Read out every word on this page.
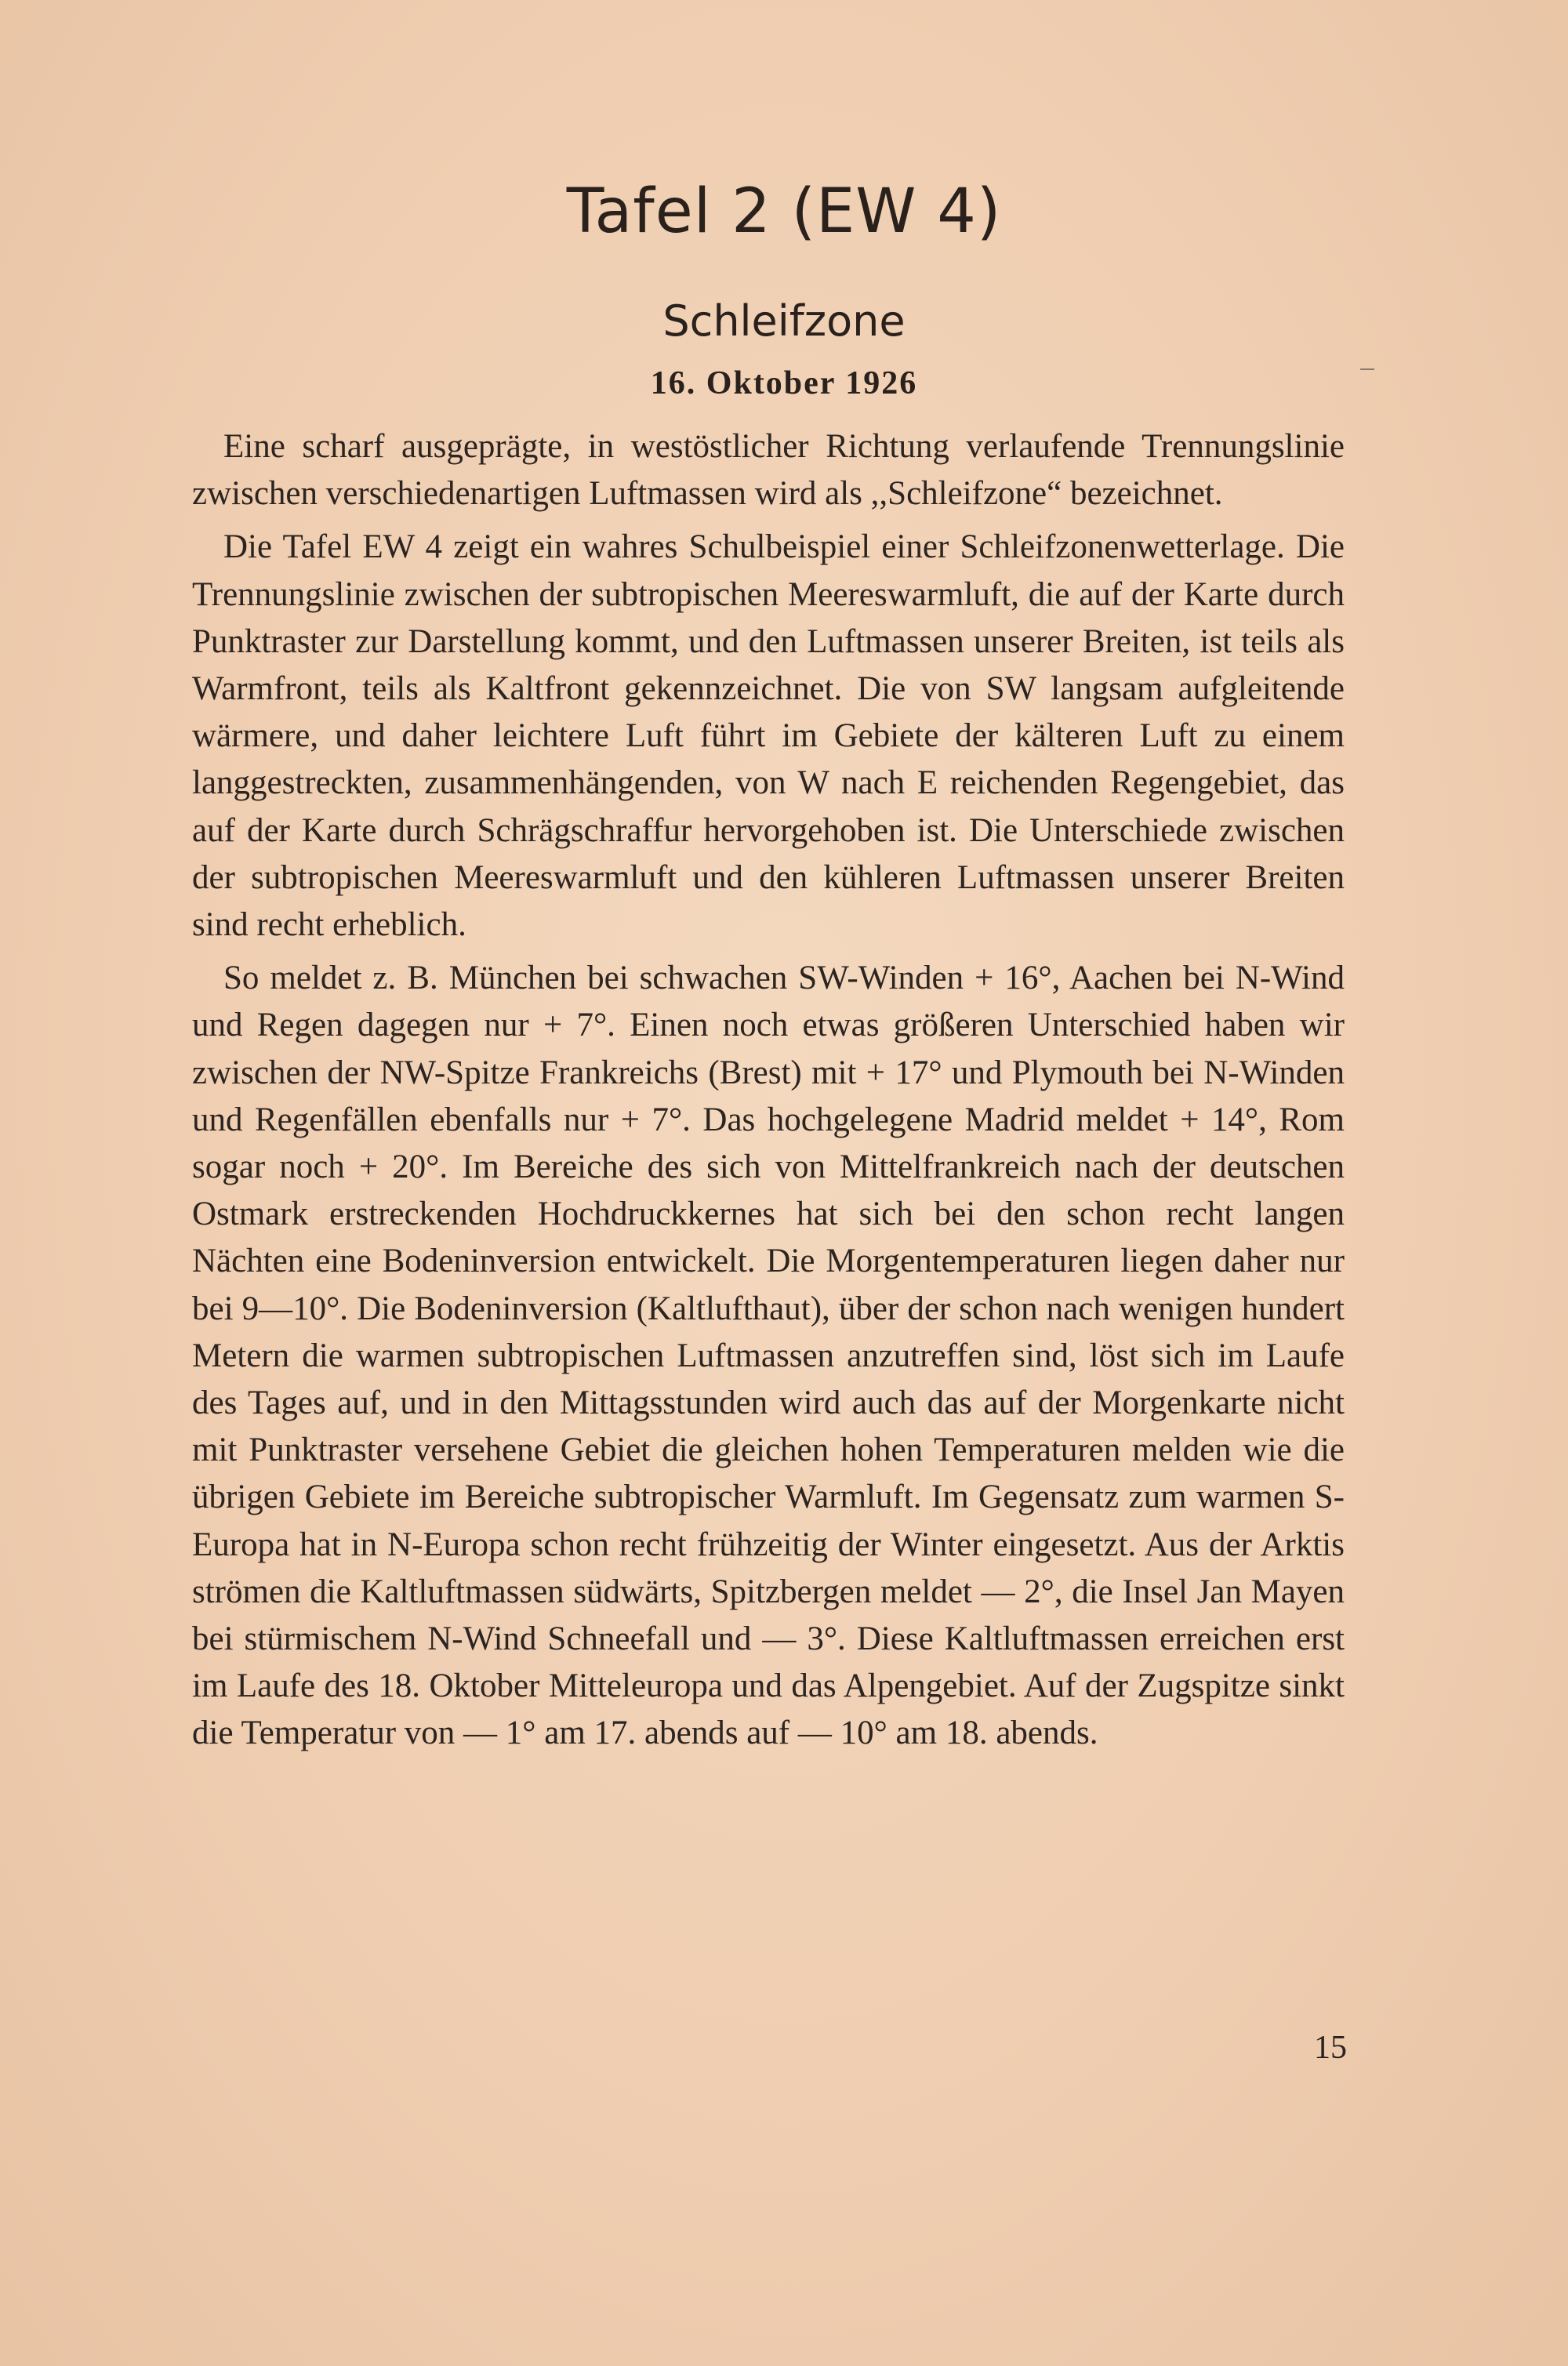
Tafel 2 (EW 4)
Schleifzone
16. Oktober 1926

Eine scharf ausgeprägte, in westöstlicher Richtung verlaufende Trennungslinie zwischen verschiedenartigen Luftmassen wird als ,,Schleifzone“ bezeichnet.

Die Tafel EW 4 zeigt ein wahres Schulbeispiel einer Schleifzonenwetterlage. Die Trennungslinie zwischen der subtropischen Meereswarmluft, die auf der Karte durch Punktraster zur Darstellung kommt, und den Luftmassen unserer Breiten, ist teils als Warmfront, teils als Kaltfront gekennzeichnet. Die von SW langsam aufgleitende wärmere, und daher leichtere Luft führt im Gebiete der kälteren Luft zu einem langgestreckten, zusammenhängenden, von W nach E reichenden Regengebiet, das auf der Karte durch Schrägschraffur hervorgehoben ist. Die Unterschiede zwischen der subtropischen Meereswarmluft und den kühleren Luftmassen unserer Breiten sind recht erheblich.

So meldet z. B. München bei schwachen SW-Winden + 16°, Aachen bei N-Wind und Regen dagegen nur + 7°. Einen noch etwas größeren Unterschied haben wir zwischen der NW-Spitze Frankreichs (Brest) mit + 17° und Plymouth bei N-Winden und Regenfällen ebenfalls nur + 7°. Das hochgelegene Madrid meldet + 14°, Rom sogar noch + 20°. Im Bereiche des sich von Mittelfrankreich nach der deutschen Ostmark erstreckenden Hochdruckkernes hat sich bei den schon recht langen Nächten eine Bodeninversion entwickelt. Die Morgentemperaturen liegen daher nur bei 9—10°. Die Bodeninversion (Kaltlufthaut), über der schon nach wenigen hundert Metern die warmen subtropischen Luftmassen anzutreffen sind, löst sich im Laufe des Tages auf, und in den Mittagsstunden wird auch das auf der Morgenkarte nicht mit Punktraster versehene Gebiet die gleichen hohen Temperaturen melden wie die übrigen Gebiete im Bereiche subtropischer Warmluft. Im Gegensatz zum warmen S-Europa hat in N-Europa schon recht frühzeitig der Winter eingesetzt. Aus der Arktis strömen die Kaltluftmassen südwärts, Spitzbergen meldet — 2°, die Insel Jan Mayen bei stürmischem N-Wind Schneefall und — 3°. Diese Kaltluftmassen erreichen erst im Laufe des 18. Oktober Mitteleuropa und das Alpengebiet. Auf der Zugspitze sinkt die Temperatur von — 1° am 17. abends auf — 10° am 18. abends.

15
